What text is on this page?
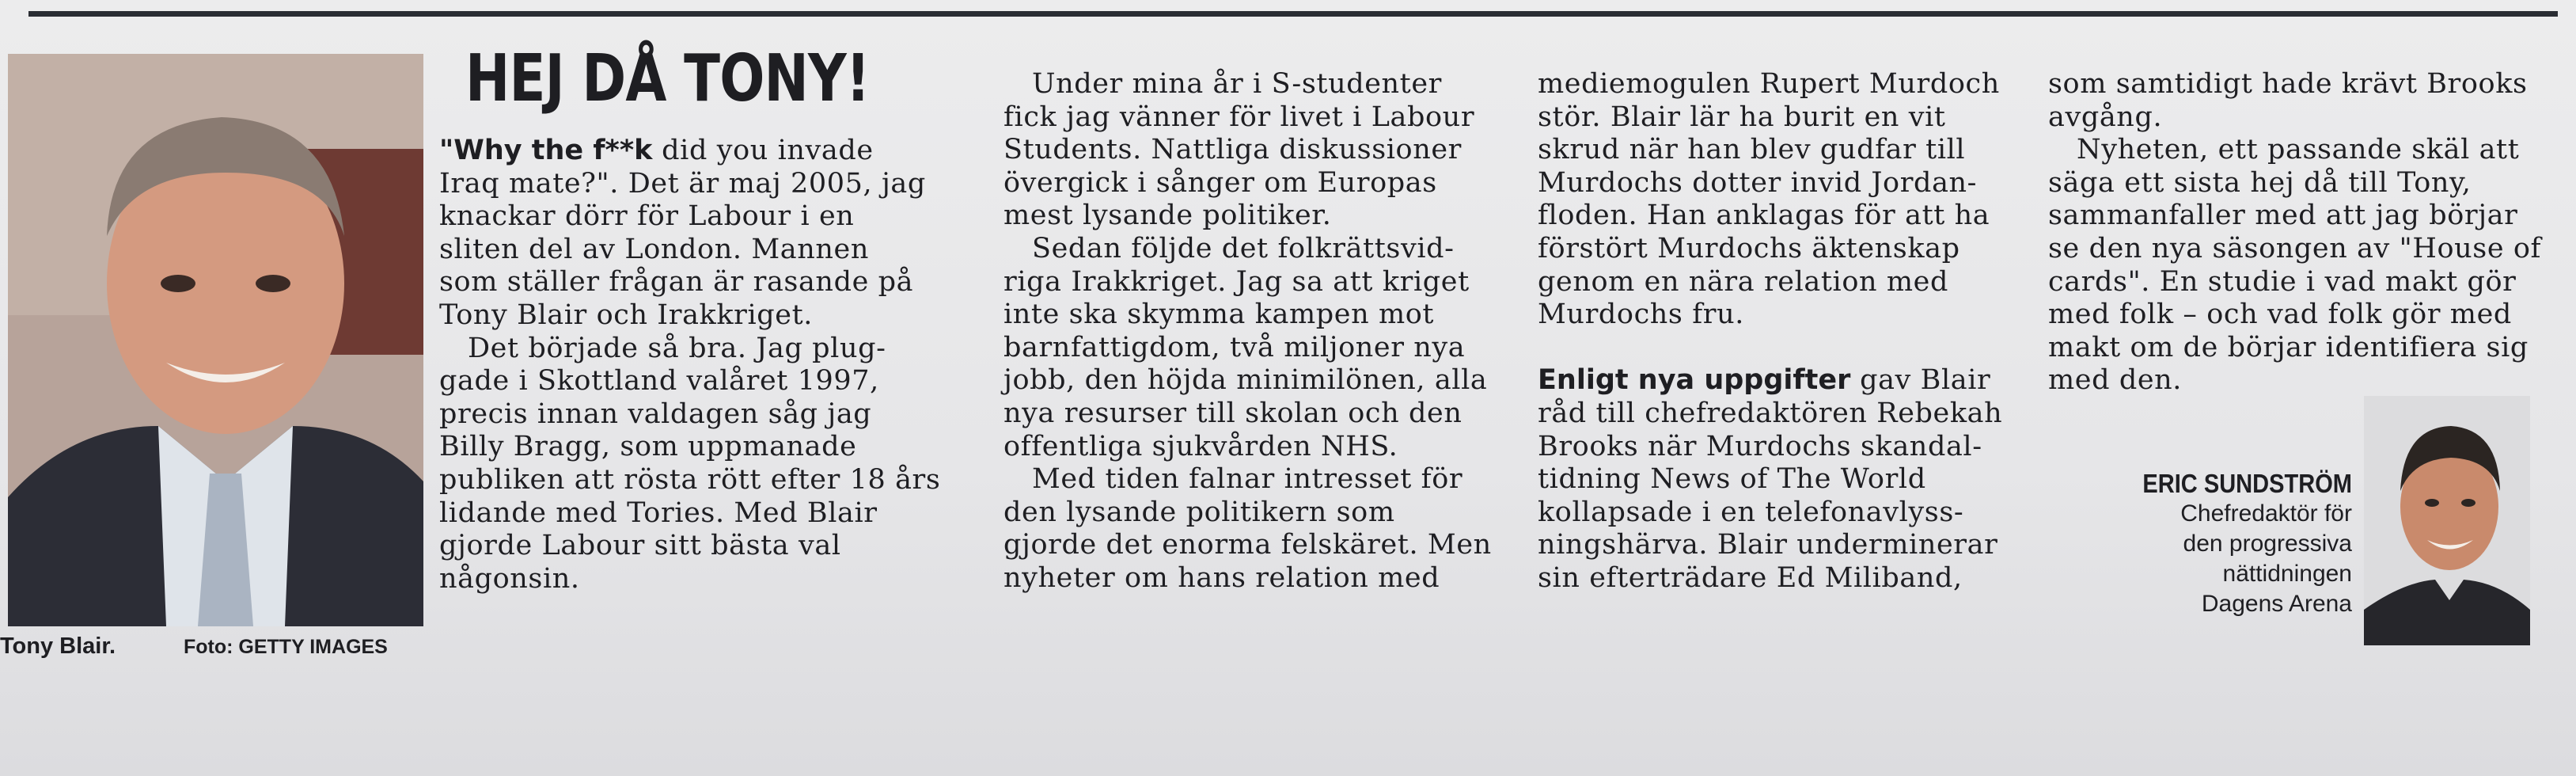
Tony Blair.	Foto: GETTY IMAGES
HEJ DÅ TONY!

"Why the f**k did you invade

Iraq mate?". Det är maj 2005, jag

knackar dörr för Labour i en

sliten del av London. Mannen

som ställer frågan är rasande på

Tony Blair och Irakkriget.

Det började så bra. Jag plug-

gade i Skottland valåret 1997,

precis innan valdagen såg jag

Billy Bragg, som uppmanade

publiken att rösta rött efter 18 års

lidande med Tories. Med Blair

gjorde Labour sitt bästa val

någonsin.

Under mina år i S-studenter

fick jag vänner för livet i Labour

Students. Nattliga diskussioner

övergick i sånger om Europas

mest lysande politiker.

Sedan följde det folkrättsvid-

riga Irakkriget. Jag sa att kriget

inte ska skymma kampen mot

barnfattigdom, två miljoner nya

jobb, den höjda minimilönen, alla

nya resurser till skolan och den

offentliga sjukvården NHS.

Med tiden falnar intresset för

den lysande politikern som

gjorde det enorma felskäret. Men

nyheter om hans relation med

mediemogulen Rupert Murdoch

stör. Blair lär ha burit en vit

skrud när han blev gudfar till

Murdochs dotter invid Jordan-

floden. Han anklagas för att ha

förstört Murdochs äktenskap

genom en nära relation med

Murdochs fru.

Enligt nya uppgifter gav Blair

råd till chefredaktören Rebekah

Brooks när Murdochs skandal-

tidning News of The World

kollapsade i en telefonavlyss-

ningshärva. Blair underminerar

sin efterträdare Ed Miliband,

som samtidigt hade krävt Brooks

avgång.

Nyheten, ett passande skäl att

säga ett sista hej då till Tony,

sammanfaller med att jag börjar

se den nya säsongen av "House of

cards". En studie i vad makt gör

med folk – och vad folk gör med

makt om de börjar identifiera sig

med den.

ERIC SUNDSTRÖM
Chefredaktör för
den progressiva
nättidningen
Dagens Arena
